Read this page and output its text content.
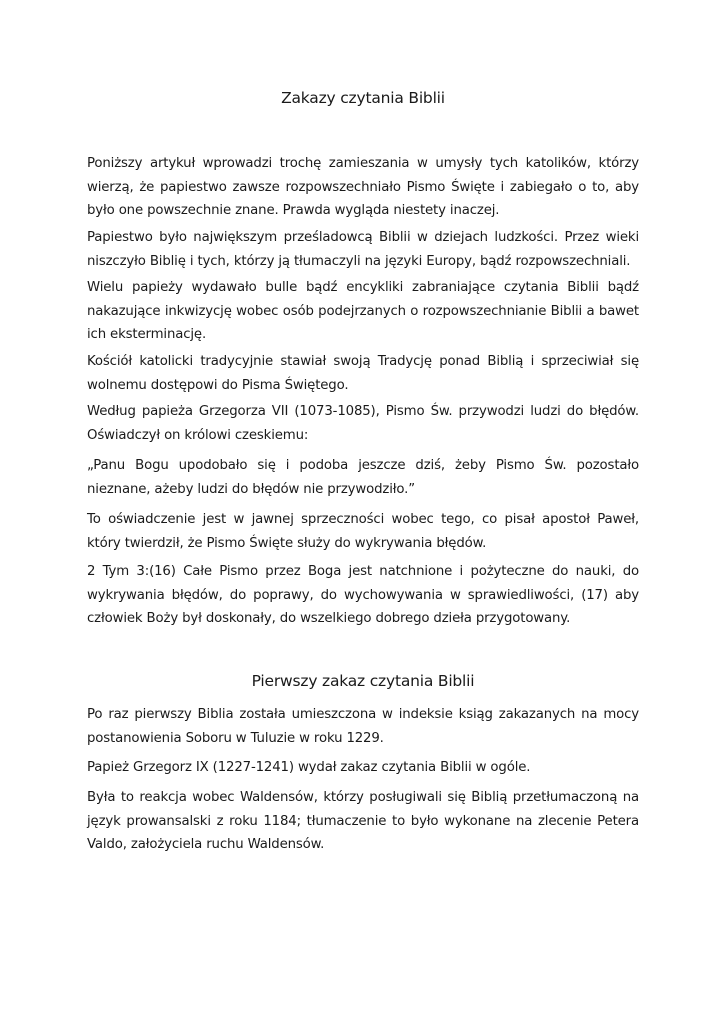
Zakazy czytania Biblii

Poniższy artykuł wprowadzi trochę zamieszania w umysły tych katolików, którzy wierzą, że papiestwo zawsze rozpowszechniało Pismo Święte i zabiegało o to, aby było one powszechnie znane. Prawda wygląda niestety inaczej.

Papiestwo było największym prześladowcą Biblii w dziejach ludzkości. Przez wieki niszczyło Biblię i tych, którzy ją tłumaczyli na języki Europy, bądź rozpowszechniali.

Wielu papieży wydawało bulle bądź encykliki zabraniające czytania Biblii bądź nakazujące inkwizycję wobec osób podejrzanych o rozpowszechnianie Biblii a bawet ich eksterminację.

Kościół katolicki tradycyjnie stawiał swoją Tradycję ponad Biblią i sprzeciwiał się wolnemu dostępowi do Pisma Świętego.

Według papieża Grzegorza VII (1073-1085), Pismo Św. przywodzi ludzi do błędów. Oświadczył on królowi czeskiemu:

„Panu Bogu upodobało się i podoba jeszcze dziś, żeby Pismo Św. pozostało nieznane, ażeby ludzi do błędów nie przywodziło.”

To oświadczenie jest w jawnej sprzeczności wobec tego, co pisał apostoł Paweł, który twierdził, że Pismo Święte służy do wykrywania błędów.

2 Tym 3:(16) Całe Pismo przez Boga jest natchnione i pożyteczne do nauki, do wykrywania błędów, do poprawy, do wychowywania w sprawiedliwości, (17) aby człowiek Boży był doskonały, do wszelkiego dobrego dzieła przygotowany.

Pierwszy zakaz czytania Biblii

Po raz pierwszy Biblia została umieszczona w indeksie ksiąg zakazanych na mocy postanowienia Soboru w Tuluzie w roku 1229.

Papież Grzegorz IX (1227-1241) wydał zakaz czytania Biblii w ogóle.

Była to reakcja wobec Waldensów, którzy posługiwali się Biblią przetłumaczoną na język prowansalski z roku 1184; tłumaczenie to było wykonane na zlecenie Petera Valdo, założyciela ruchu Waldensów.
